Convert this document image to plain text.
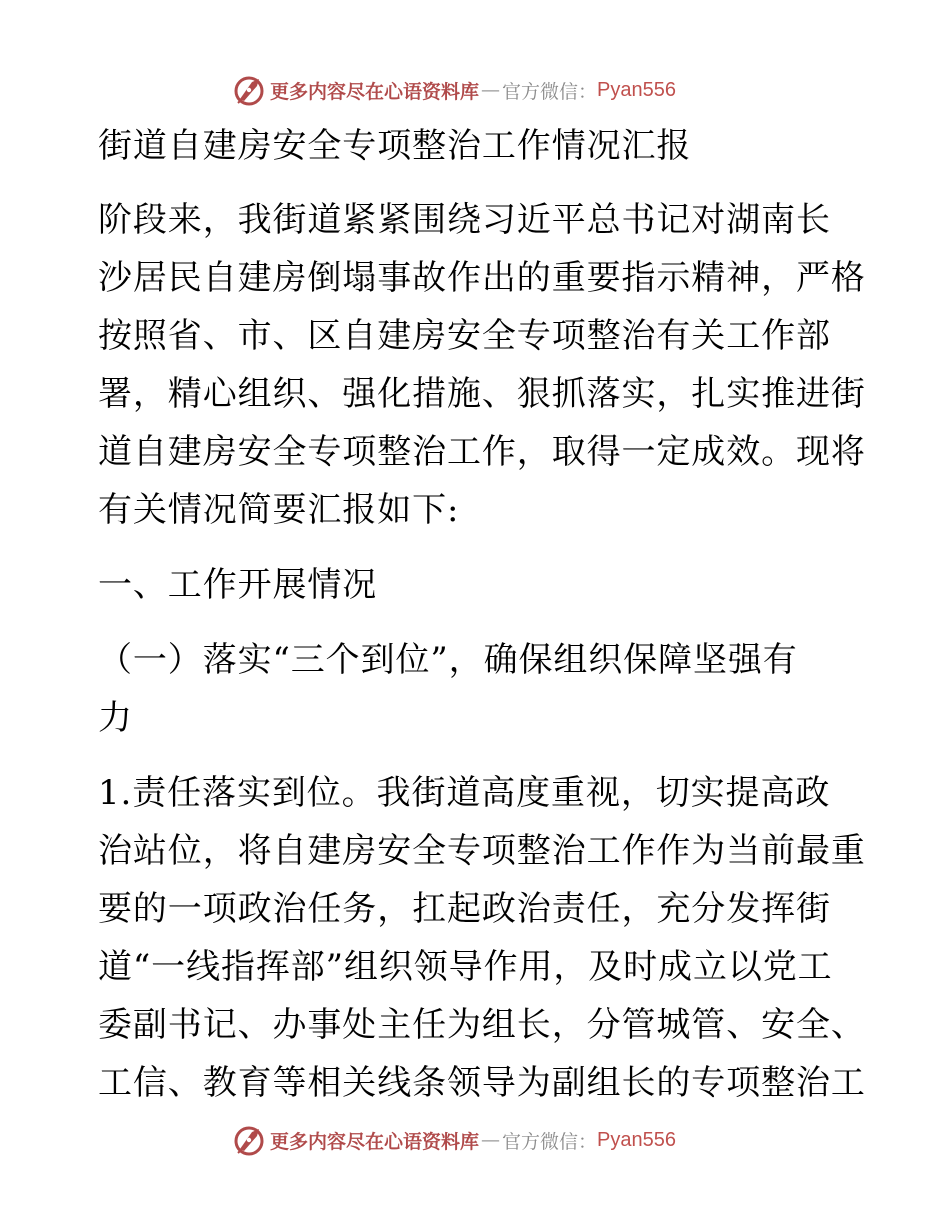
更多内容尽在心语资料库 — 官方微信： Pyan556
街道自建房安全专项整治工作情况汇报
阶段来，我街道紧紧围绕习近平总书记对湖南长
沙居民自建房倒塌事故作出的重要指示精神，严格
按照省、市、区自建房安全专项整治有关工作部
署，精心组织、强化措施、狠抓落实，扎实推进街
道自建房安全专项整治工作，取得一定成效。现将
有关情况简要汇报如下:
一、工作开展情况
（一）落实“三个到位”，确保组织保障坚强有
力
1.责任落实到位。我街道高度重视，切实提高政
治站位，将自建房安全专项整治工作作为当前最重
要的一项政治任务，扛起政治责任，充分发挥街
道“一线指挥部”组织领导作用，及时成立以党工
委副书记、办事处主任为组长，分管城管、安全、
工信、教育等相关线条领导为副组长的专项整治工
更多内容尽在心语资料库 — 官方微信： Pyan556
